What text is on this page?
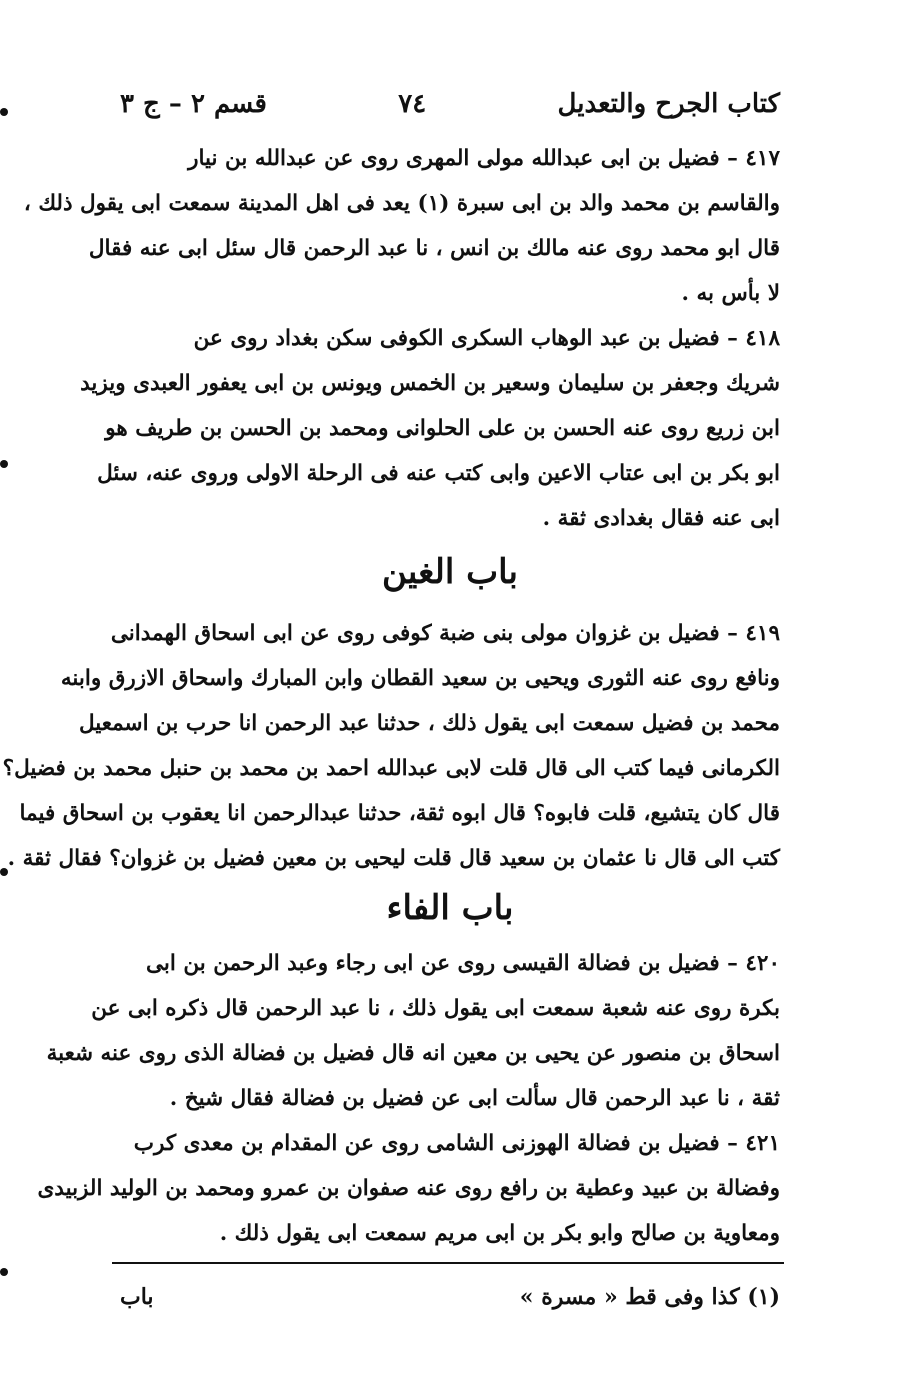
كتاب الجرح والتعديل
٧٤
قسم ٢ – ج ٣
٤١٧ – فضيل بن ابى عبدالله مولى المهرى روى عن عبدالله بن نيار
والقاسم بن محمد والد بن ابى سبرة (١) يعد فى اهل المدينة سمعت ابى يقول ذلك ،
قال ابو محمد روى عنه مالك بن انس ، نا عبد الرحمن قال سئل ابى عنه فقال
لا بأس به .
٤١٨ – فضيل بن عبد الوهاب السكرى الكوفى سكن بغداد روى عن
شريك وجعفر بن سليمان وسعير بن الخمس ويونس بن ابى يعفور العبدى ويزيد
ابن زريع روى عنه الحسن بن على الحلوانى ومحمد بن الحسن بن طريف هو
ابو بكر بن ابى عتاب الاعين وابى كتب عنه فى الرحلة الاولى وروى عنه، سئل
ابى عنه فقال بغدادى ثقة .
باب الغين
٤١٩ – فضيل بن غزوان مولى بنى ضبة كوفى روى عن ابى اسحاق الهمدانى
ونافع روى عنه الثورى ويحيى بن سعيد القطان وابن المبارك واسحاق الازرق وابنه
محمد بن فضيل سمعت ابى يقول ذلك ، حدثنا عبد الرحمن انا حرب بن اسمعيل
الكرمانى فيما كتب الى قال قلت لابى عبدالله احمد بن محمد بن حنبل محمد بن فضيل؟
قال كان يتشيع، قلت فابوه؟ قال ابوه ثقة، حدثنا عبدالرحمن انا يعقوب بن اسحاق فيما
كتب الى قال نا عثمان بن سعيد قال قلت ليحيى بن معين فضيل بن غزوان؟ فقال ثقة .
باب الفاء
٤٢٠ – فضيل بن فضالة القيسى روى عن ابى رجاء وعبد الرحمن بن ابى
بكرة روى عنه شعبة سمعت ابى يقول ذلك ، نا عبد الرحمن قال ذكره ابى عن
اسحاق بن منصور عن يحيى بن معين انه قال فضيل بن فضالة الذى روى عنه شعبة
ثقة ، نا عبد الرحمن قال سألت ابى عن فضيل بن فضالة فقال شيخ .
٤٢١ – فضيل بن فضالة الهوزنى الشامى روى عن المقدام بن معدى كرب
وفضالة بن عبيد وعطية بن رافع روى عنه صفوان بن عمرو ومحمد بن الوليد الزبيدى
ومعاوية بن صالح وابو بكر بن ابى مريم سمعت ابى يقول ذلك .
(١) كذا وفى قط « مسرة »
باب
